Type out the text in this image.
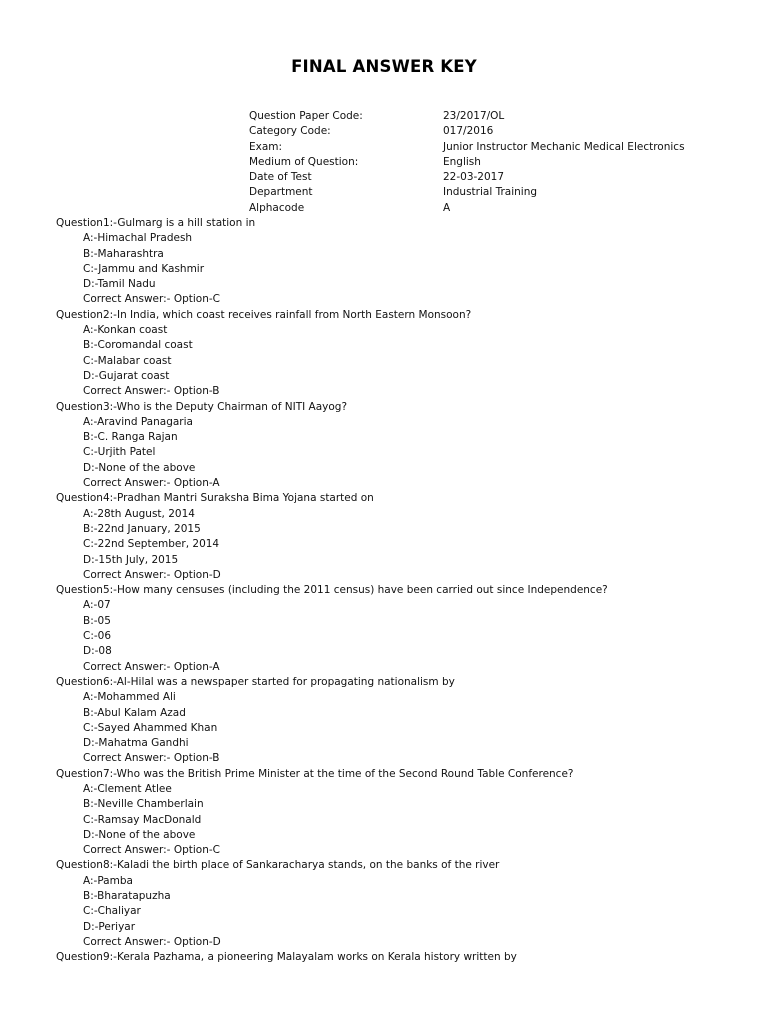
FINAL ANSWER KEY
Question Paper Code:	23/2017/OL
Category Code:	017/2016
Exam:	Junior Instructor Mechanic Medical Electronics
Medium of Question:	English
Date of Test	22-03-2017
Department	Industrial Training
Alphacode	A
Question1:-Gulmarg is a hill station in
A:-Himachal Pradesh
B:-Maharashtra
C:-Jammu and Kashmir
D:-Tamil Nadu
Correct Answer:- Option-C
Question2:-In India, which coast receives rainfall from North Eastern Monsoon?
A:-Konkan coast
B:-Coromandal coast
C:-Malabar coast
D:-Gujarat coast
Correct Answer:- Option-B
Question3:-Who is the Deputy Chairman of NITI Aayog?
A:-Aravind Panagaria
B:-C. Ranga Rajan
C:-Urjith Patel
D:-None of the above
Correct Answer:- Option-A
Question4:-Pradhan Mantri Suraksha Bima Yojana started on
A:-28th August, 2014
B:-22nd January, 2015
C:-22nd September, 2014
D:-15th July, 2015
Correct Answer:- Option-D
Question5:-How many censuses (including the 2011 census) have been carried out since Independence?
A:-07
B:-05
C:-06
D:-08
Correct Answer:- Option-A
Question6:-Al-Hilal was a newspaper started for propagating nationalism by
A:-Mohammed Ali
B:-Abul Kalam Azad
C:-Sayed Ahammed Khan
D:-Mahatma Gandhi
Correct Answer:- Option-B
Question7:-Who was the British Prime Minister at the time of the Second Round Table Conference?
A:-Clement Atlee
B:-Neville Chamberlain
C:-Ramsay MacDonald
D:-None of the above
Correct Answer:- Option-C
Question8:-Kaladi the birth place of Sankaracharya stands, on the banks of the river
A:-Pamba
B:-Bharatapuzha
C:-Chaliyar
D:-Periyar
Correct Answer:- Option-D
Question9:-Kerala Pazhama, a pioneering Malayalam works on Kerala history written by
